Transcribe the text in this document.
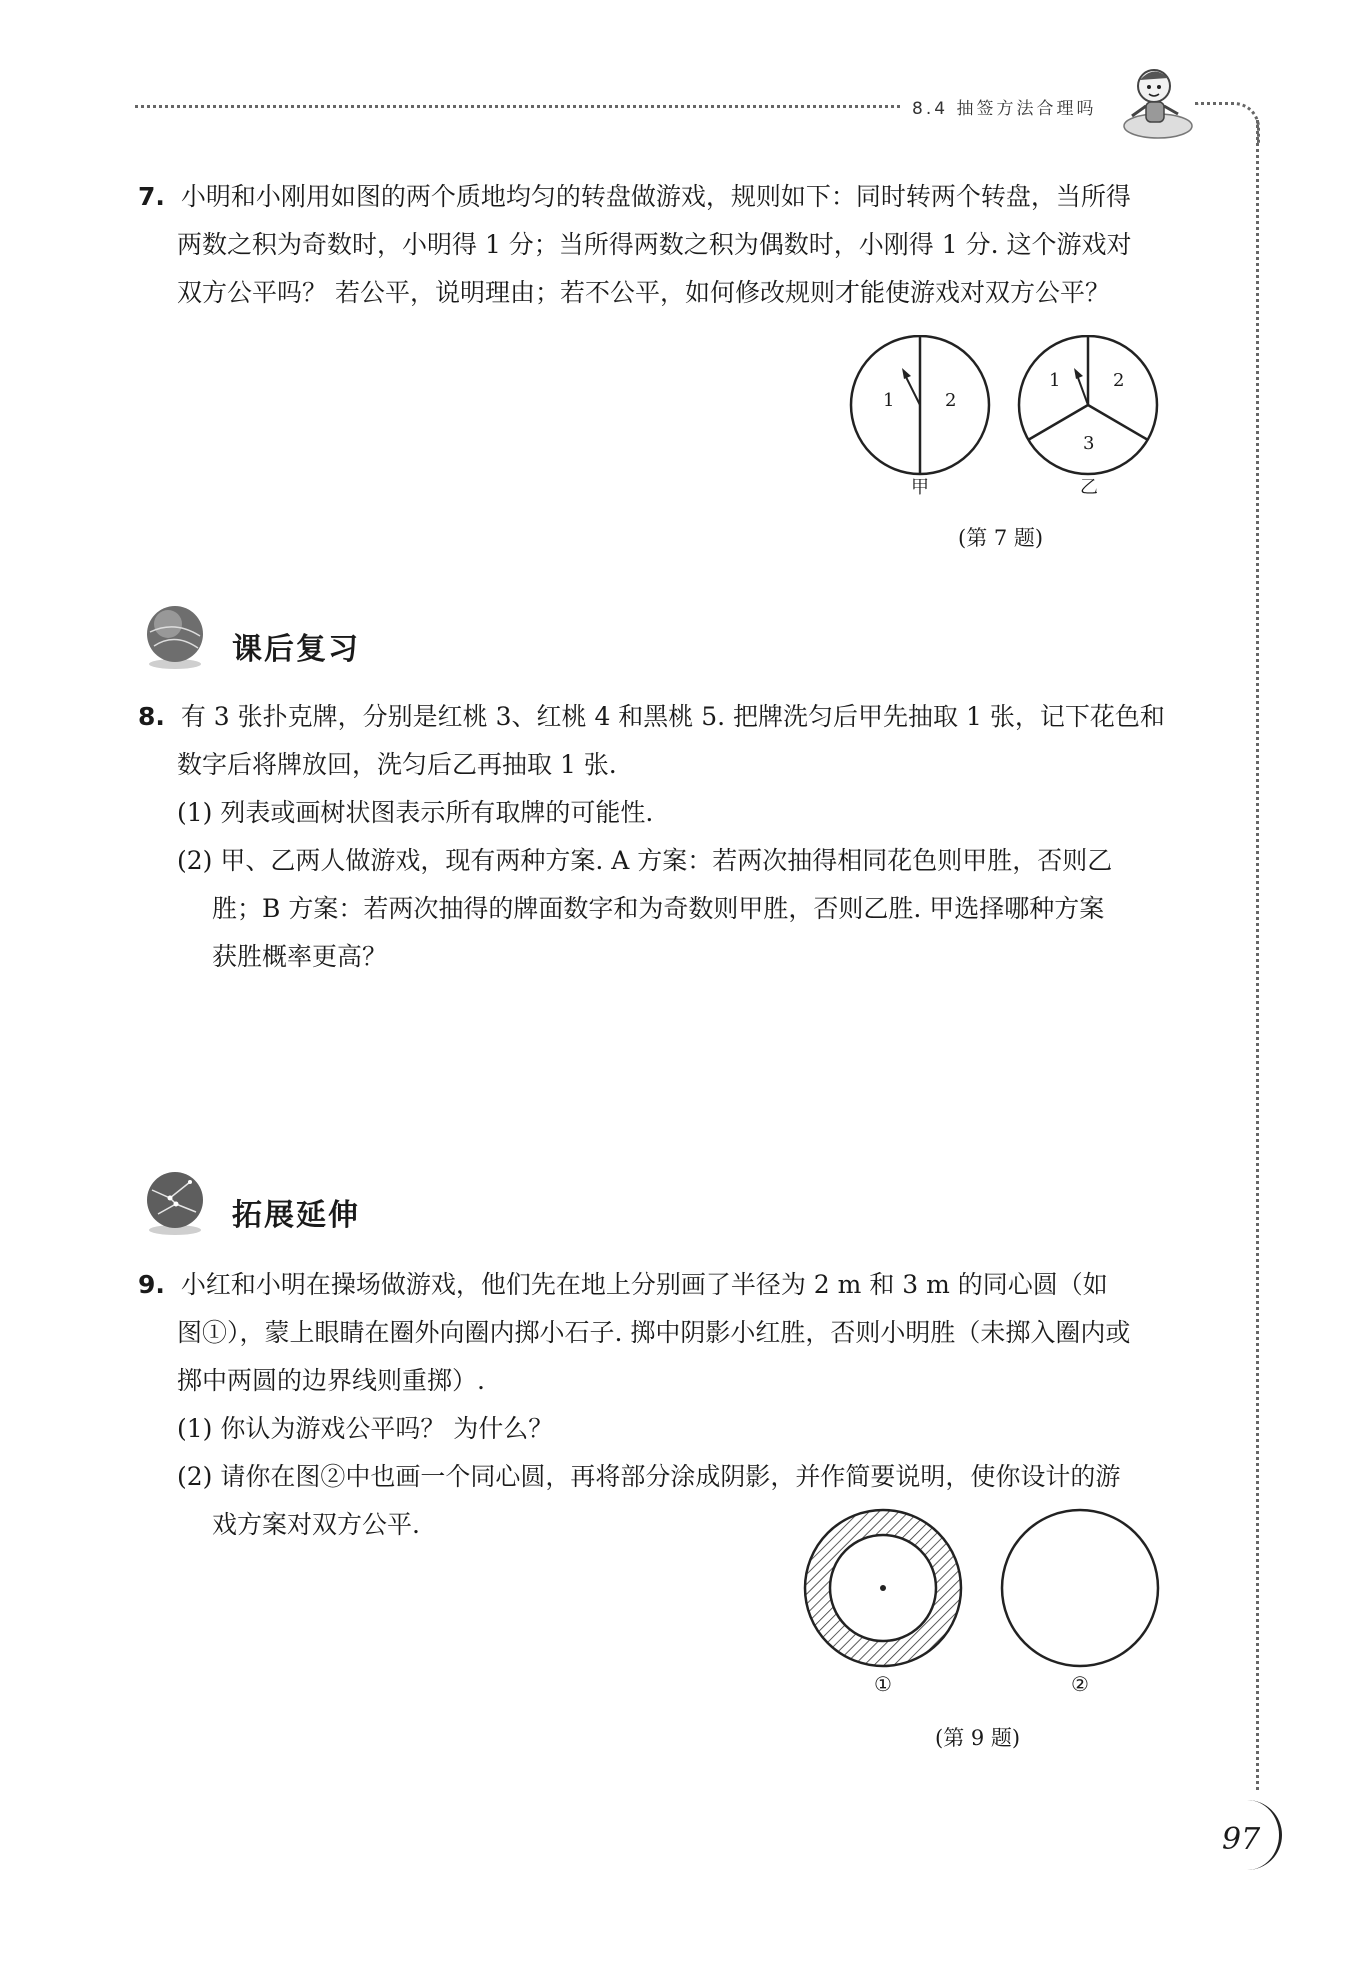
8.4 抽签方法合理吗
7. 小明和小刚用如图的两个质地均匀的转盘做游戏，规则如下：同时转两个转盘，当所得
两数之积为奇数时，小明得 1 分；当所得两数之积为偶数时，小刚得 1 分. 这个游戏对
双方公平吗？ 若公平，说明理由；若不公平，如何修改规则才能使游戏对双方公平？
1	2
甲
1	2
3
乙
(第 7 题)
课后复习
8. 有 3 张扑克牌，分别是红桃 3、红桃 4 和黑桃 5. 把牌洗匀后甲先抽取 1 张，记下花色和
数字后将牌放回，洗匀后乙再抽取 1 张.
(1) 列表或画树状图表示所有取牌的可能性.
(2) 甲、乙两人做游戏，现有两种方案. A 方案：若两次抽得相同花色则甲胜，否则乙
胜；B 方案：若两次抽得的牌面数字和为奇数则甲胜，否则乙胜. 甲选择哪种方案
获胜概率更高？
拓展延伸
9. 小红和小明在操场做游戏，他们先在地上分别画了半径为 2 m 和 3 m 的同心圆（如
图①），蒙上眼睛在圈外向圈内掷小石子. 掷中阴影小红胜，否则小明胜（未掷入圈内或
掷中两圆的边界线则重掷）.
(1) 你认为游戏公平吗？ 为什么？
(2) 请你在图②中也画一个同心圆，再将部分涂成阴影，并作简要说明，使你设计的游
戏方案对双方公平.
①	②
(第 9 题)
97
